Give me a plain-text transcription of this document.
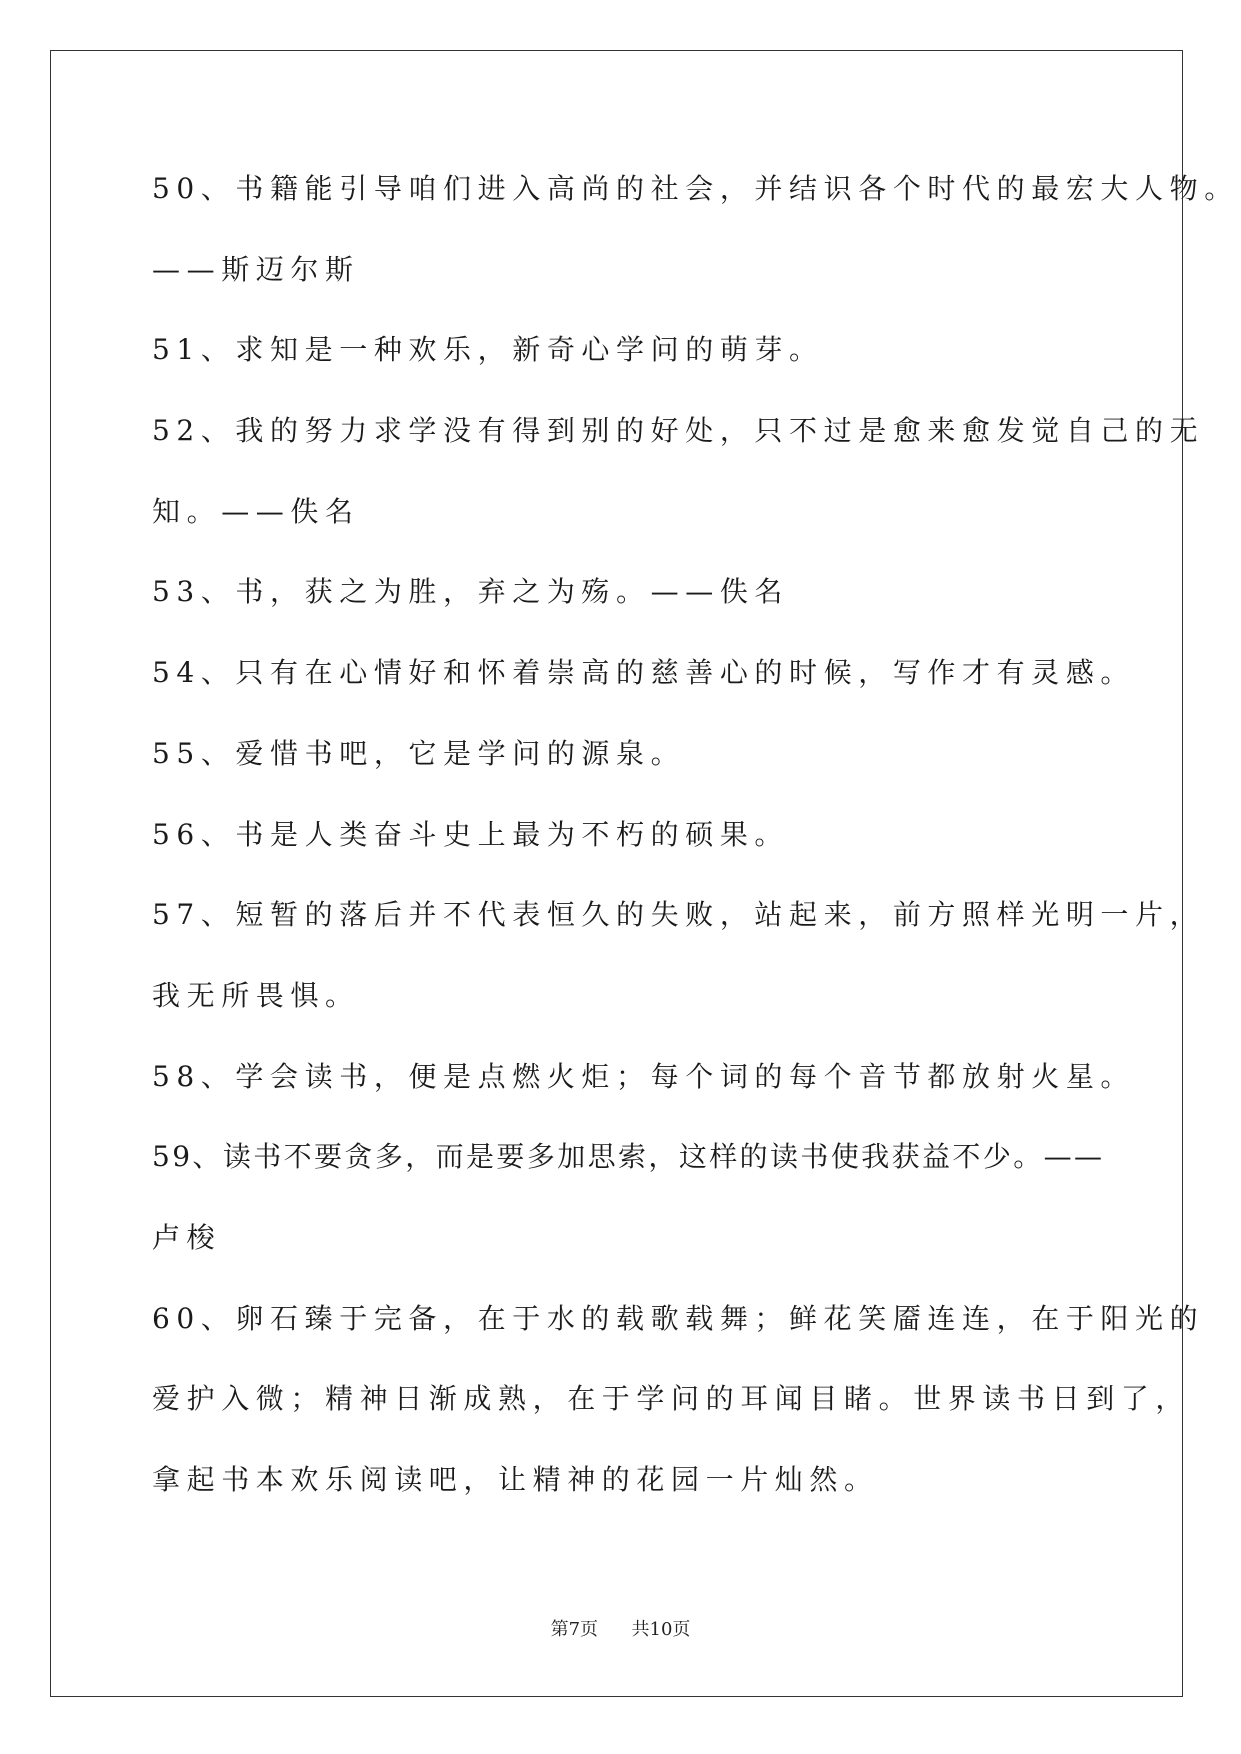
50、书籍能引导咱们进入高尚的社会，并结识各个时代的最宏大人物。
——斯迈尔斯
51、求知是一种欢乐，新奇心学问的萌芽。
52、我的努力求学没有得到别的好处，只不过是愈来愈发觉自己的无
知。——佚名
53、书，获之为胜，弃之为殇。——佚名
54、只有在心情好和怀着崇高的慈善心的时候，写作才有灵感。
55、爱惜书吧，它是学问的源泉。
56、书是人类奋斗史上最为不朽的硕果。
57、短暂的落后并不代表恒久的失败，站起来，前方照样光明一片，
我无所畏惧。
58、学会读书，便是点燃火炬；每个词的每个音节都放射火星。
59、读书不要贪多，而是要多加思索，这样的读书使我获益不少。——
卢梭
60、卵石臻于完备，在于水的载歌载舞；鲜花笑靥连连，在于阳光的
爱护入微；精神日渐成熟，在于学问的耳闻目睹。世界读书日到了，
拿起书本欢乐阅读吧，让精神的花园一片灿然。
第7页 共10页
